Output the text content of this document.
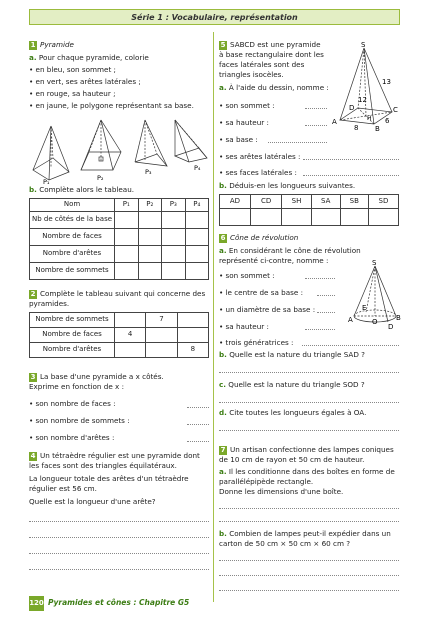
Série 1 : Vocabulaire, représentation
1 Pyramide
a. Pour chaque pyramide, colorie
• en bleu, son sommet ;
• en vert, ses arêtes latérales ;
• en rouge, sa hauteur ;
• en jaune, le polygone représentant sa base.
P₁	P₂
P₃	P₄
b. Complète alors le tableau.
Nom	P₁	P₂	P₃	P₄
Nb de côtés de la base				
Nombre de faces				
Nombre d'arêtes				
Nombre de sommets				
2 Complète le tableau suivant qui concerne des
pyramides.
Nombre de sommets		7	
Nombre de faces	4		
Nombre d'arêtes			8
3 La base d'une pyramide a x côtés.
Exprime en fonction de x :
• son nombre de faces :
• son nombre de sommets :
• son nombre d'arêtes :
4 Un tétraèdre régulier est une pyramide dont
les faces sont des triangles équilatéraux.
La longueur totale des arêtes d'un tétraèdre
régulier est 56 cm.
Quelle est la longueur d'une arête?
5 SABCD est une pyramide
à base rectangulaire dont les
faces latérales sont des
triangles isocèles.
S
A
B
C
D
H
13
12
8
6
a. À l'aide du dessin, nomme :
• son sommet :
• sa hauteur :
• sa base :
• ses arêtes latérales :
• ses faces latérales :
b. Déduis-en les longueurs suivantes.
AD	CD	SH	SA	SB	SD

6 Cône de révolution
a. En considérant le cône de révolution
représenté ci-contre, nomme :	S
A	B
D
O
E
• son sommet :
• le centre de sa base :
• un diamètre de sa base :
• sa hauteur :
• trois génératrices :
b. Quelle est la nature du triangle SAD ?
c. Quelle est la nature du triangle SOD ?
d. Cite toutes les longueurs égales à OA.
7 Un artisan confectionne des lampes coniques
de 10 cm de rayon et 50 cm de hauteur.
a. Il les conditionne dans des boîtes en forme de
parallélépipède rectangle.
Donne les dimensions d'une boîte.
b. Combien de lampes peut-il expédier dans un
carton de 50 cm × 50 cm × 60 cm ?
120 Pyramides et cônes : Chapitre G5
